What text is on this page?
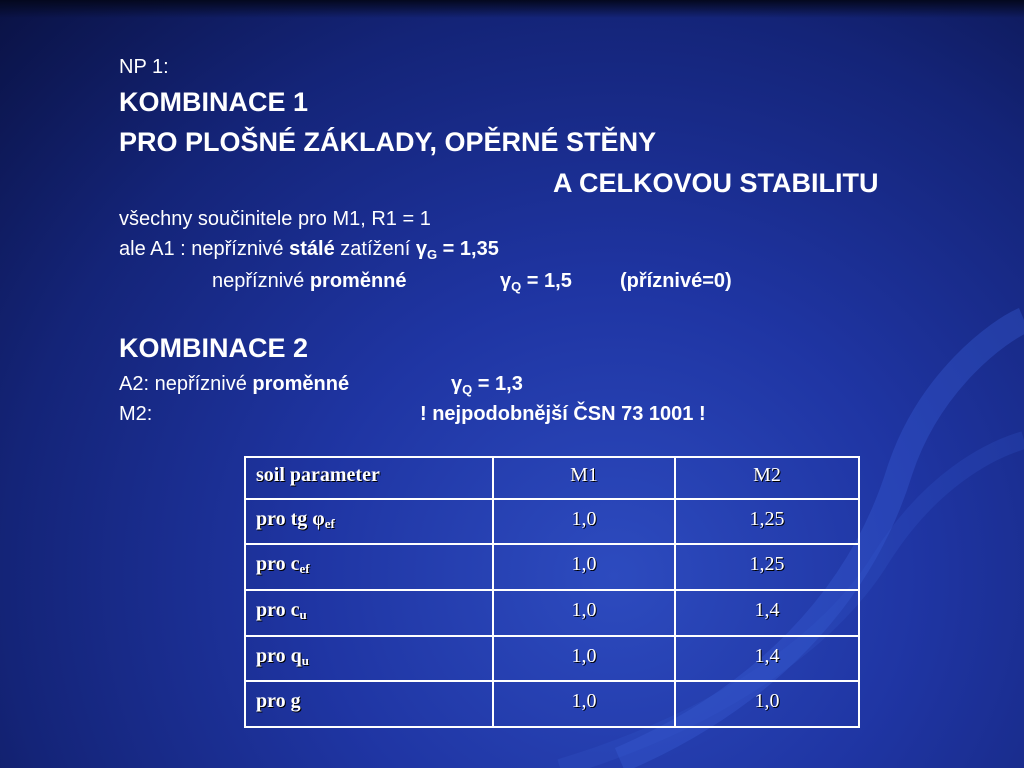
NP 1:
KOMBINACE 1
PRO PLOŠNÉ ZÁKLADY, OPĚRNÉ STĚNY
A CELKOVOU STABILITU
všechny součinitele pro M1, R1 = 1
ale A1 : nepříznivé stálé zatížení $\gamma_G = 1,35$
nepříznivé proměnné	$\gamma_Q = 1,5$ (příznivé=0)
KOMBINACE 2
A2: nepříznivé proměnné	$\gamma_Q = 1,3$
M2:	! nejpodobnější ČSN 73 1001 !
soil parameter	M1	M2
pro tg $\varphi_{ef}$	1,0	1,25
pro $c_{ef}$	1,0	1,25
pro $c_u$	1,0	1,4
pro $q_u$	1,0	1,4
pro g	1,0	1,0
